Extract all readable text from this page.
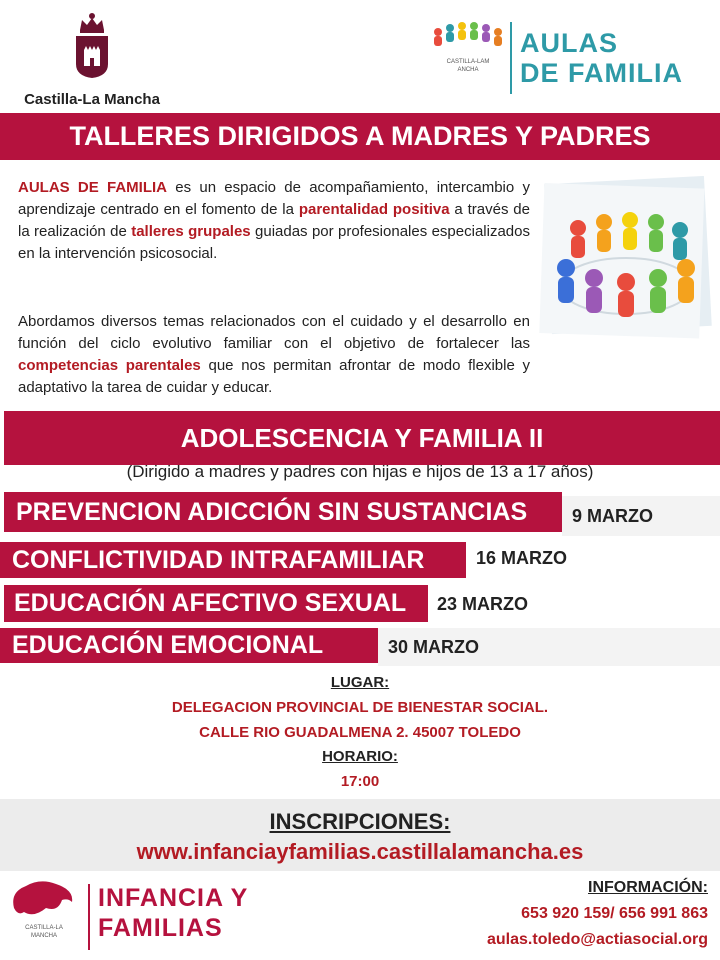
Castilla-La Mancha
CASTILLA-LAMANCHA
AULAS
DE FAMILIA
TALLERES DIRIGIDOS A MADRES Y PADRES
AULAS DE FAMILIA es un espacio de acompañamiento, intercambio y aprendizaje centrado en el fomento de la parentalidad positiva a través de la realización de talleres grupales guiadas por profesionales especializados en la intervención psicosocial.
Abordamos diversos temas relacionados con el cuidado y el desarrollo en función del ciclo evolutivo familiar con el objetivo de fortalecer las competencias parentales que nos permitan afrontar de modo flexible y adaptativo la tarea de cuidar y educar.
ADOLESCENCIA Y FAMILIA II
(Dirigido a madres y padres con hijas e hijos de 13 a 17 años)
PREVENCION ADICCIÓN SIN SUSTANCIAS	9 MARZO
CONFLICTIVIDAD INTRAFAMILIAR	16 MARZO
EDUCACIÓN AFECTIVO SEXUAL	23 MARZO
EDUCACIÓN EMOCIONAL	30 MARZO
LUGAR:
DELEGACION PROVINCIAL DE BIENESTAR SOCIAL.
CALLE RIO GUADALMENA 2. 45007 TOLEDO
HORARIO:
17:00
INSCRIPCIONES:
www.infanciayfamilias.castillalamancha.es
CASTILLA-LAMANCHA
INFANCIA Y
FAMILIAS
INFORMACIÓN:
653 920 159/ 656 991 863
aulas.toledo@actiasocial.org
